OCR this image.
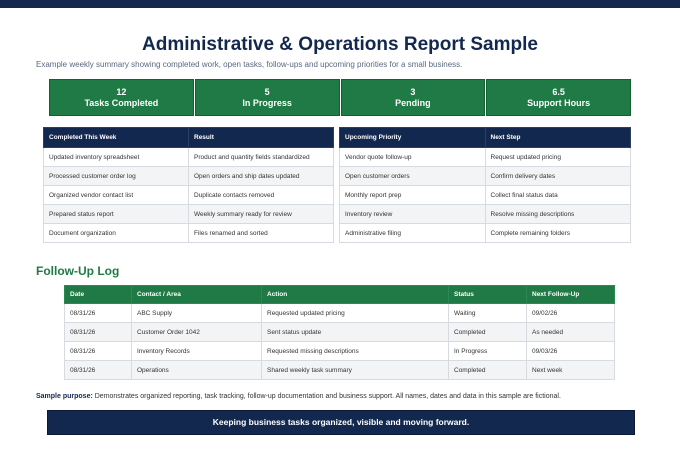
Administrative & Operations Report Sample
Example weekly summary showing completed work, open tasks, follow-ups and upcoming priorities for a small business.
12
Tasks Completed
5
In Progress
3
Pending
6.5
Support Hours
Completed This Week	Result
Updated inventory spreadsheet	Product and quantity fields standardized
Processed customer order log	Open orders and ship dates updated
Organized vendor contact list	Duplicate contacts removed
Prepared status report	Weekly summary ready for review
Document organization	Files renamed and sorted
Upcoming Priority	Next Step
Vendor quote follow-up	Request updated pricing
Open customer orders	Confirm delivery dates
Monthly report prep	Collect final status data
Inventory review	Resolve missing descriptions
Administrative filing	Complete remaining folders
Follow-Up Log
Date	Contact / Area	Action	Status	Next Follow-Up
08/31/26	ABC Supply	Requested updated pricing	Waiting	09/02/26
08/31/26	Customer Order 1042	Sent status update	Completed	As needed
08/31/26	Inventory Records	Requested missing descriptions	In Progress	09/03/26
08/31/26	Operations	Shared weekly task summary	Completed	Next week
Sample purpose: Demonstrates organized reporting, task tracking, follow-up documentation and business support. All names, dates and data in this sample are fictional.
Keeping business tasks organized, visible and moving forward.
